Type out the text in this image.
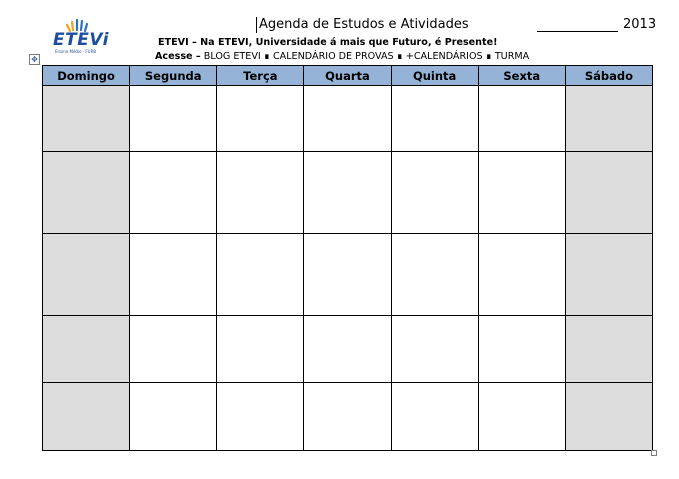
ETEVi
Ensino Médio · FURB
Agenda de Estudos e Atividades	2013
ETEVI – Na ETEVI, Universidade á mais que Futuro, é Presente!
Acesse – BLOG ETEVI ∎ CALENDÁRIO DE PROVAS ∎ +CALENDÁRIOS ∎ TURMA
✥
Domingo	Segunda	Terça	Quarta	Quinta	Sexta	Sábado
